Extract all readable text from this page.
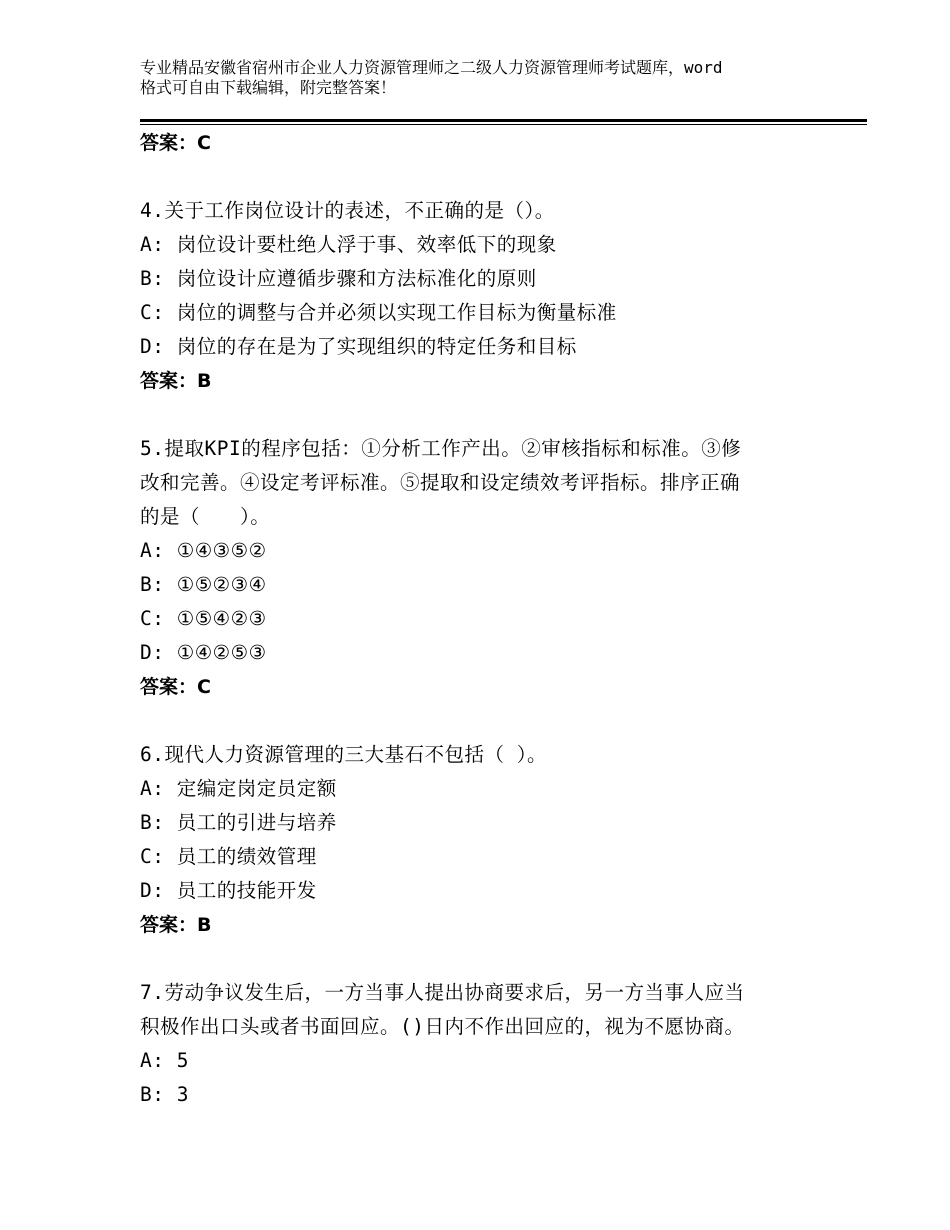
专业精品安徽省宿州市企业人力资源管理师之二级人力资源管理师考试题库，word
格式可自由下载编辑，附完整答案！
答案：C
4.关于工作岗位设计的表述，不正确的是（）。
A: 岗位设计要杜绝人浮于事、效率低下的现象
B: 岗位设计应遵循步骤和方法标准化的原则
C: 岗位的调整与合并必须以实现工作目标为衡量标准
D: 岗位的存在是为了实现组织的特定任务和目标
答案：B
5.提取KPI的程序包括：①分析工作产出。②审核指标和标准。③修
改和完善。④设定考评标准。⑤提取和设定绩效考评指标。排序正确
的是（　　）。
A: ①④③⑤②
B: ①⑤②③④
C: ①⑤④②③
D: ①④②⑤③
答案：C
6.现代人力资源管理的三大基石不包括（ ）。
A: 定编定岗定员定额
B: 员工的引进与培养
C: 员工的绩效管理
D: 员工的技能开发
答案：B
7.劳动争议发生后，一方当事人提出协商要求后，另一方当事人应当
积极作出口头或者书面回应。()日内不作出回应的，视为不愿协商。
A: 5
B: 3
